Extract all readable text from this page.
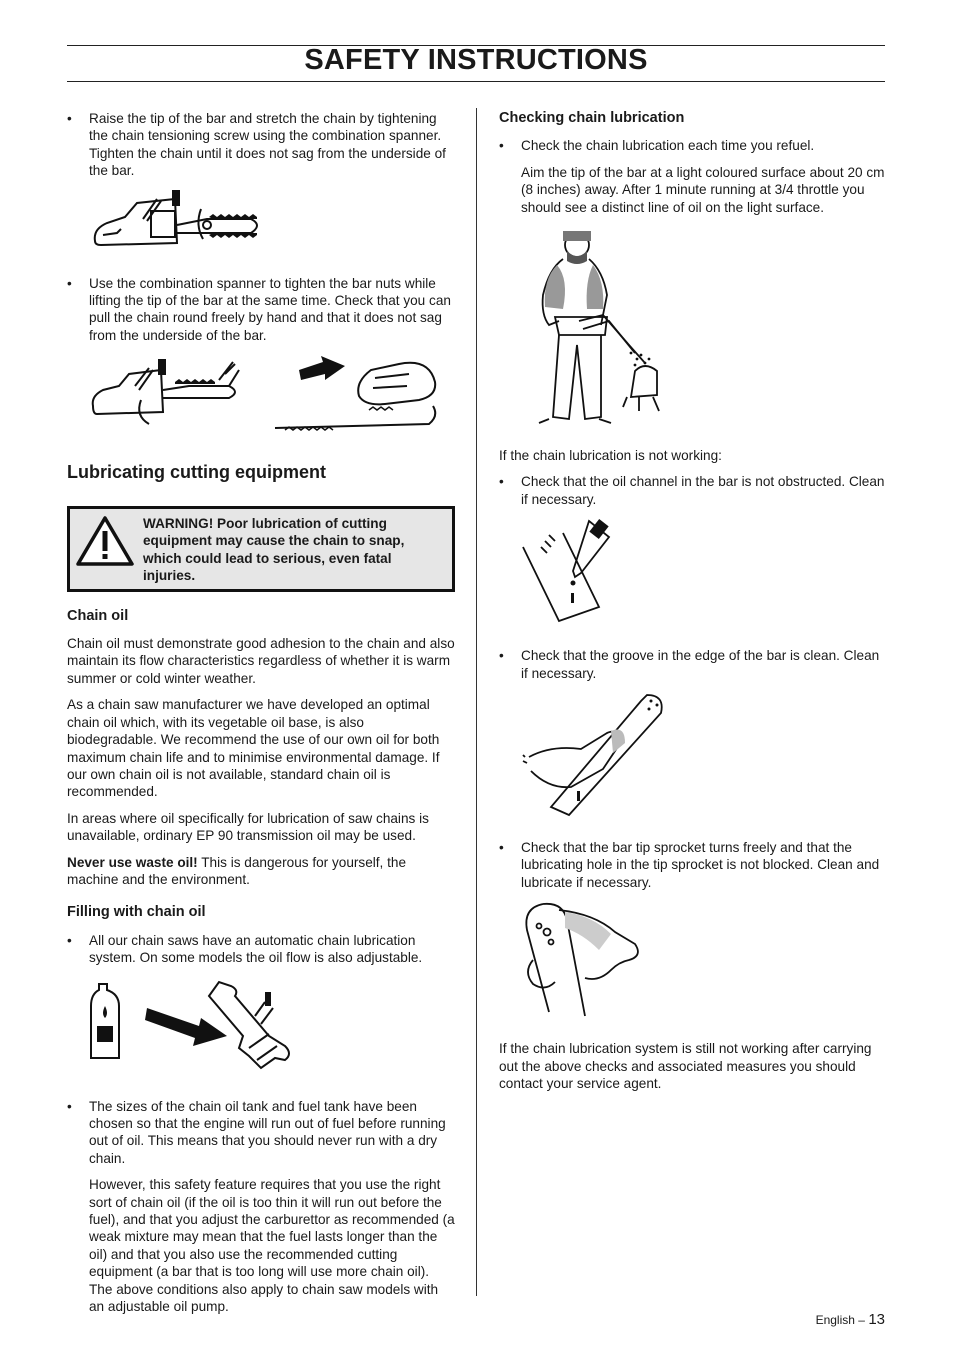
SAFETY INSTRUCTIONS
• Raise the tip of the bar and stretch the chain by tightening the chain tensioning screw using the combination spanner. Tighten the chain until it does not sag from the underside of the bar.
• Use the combination spanner to tighten the bar nuts while lifting the tip of the bar at the same time. Check that you can pull the chain round freely by hand and that it does not sag from the underside of the bar.
Lubricating cutting equipment
WARNING! Poor lubrication of cutting equipment may cause the chain to snap, which could lead to serious, even fatal injuries.
Chain oil

Chain oil must demonstrate good adhesion to the chain and also maintain its flow characteristics regardless of whether it is warm summer or cold winter weather.

As a chain saw manufacturer we have developed an optimal chain oil which, with its vegetable oil base, is also biodegradable. We recommend the use of our own oil for both maximum chain life and to minimise environmental damage. If our own chain oil is not available, standard chain oil is recommended.

In areas where oil specifically for lubrication of saw chains is unavailable, ordinary EP 90 transmission oil may be used.

Never use waste oil! This is dangerous for yourself, the machine and the environment.

Filling with chain oil
• All our chain saws have an automatic chain lubrication system. On some models the oil flow is also adjustable.
• The sizes of the chain oil tank and fuel tank have been chosen so that the engine will run out of fuel before running out of oil. This means that you should never run with a dry chain.

However, this safety feature requires that you use the right sort of chain oil (if the oil is too thin it will run out before the fuel), and that you adjust the carburettor as recommended (a weak mixture may mean that the fuel lasts longer than the oil) and that you also use the recommended cutting equipment (a bar that is too long will use more chain oil). The above conditions also apply to chain saw models with an adjustable oil pump.

Checking chain lubrication
• Check the chain lubrication each time you refuel.

Aim the tip of the bar at a light coloured surface about 20 cm (8 inches) away. After 1 minute running at 3/4 throttle you should see a distinct line of oil on the light surface.

If the chain lubrication is not working:

• Check that the oil channel in the bar is not obstructed. Clean if necessary.
• Check that the groove in the edge of the bar is clean. Clean if necessary.
• Check that the bar tip sprocket turns freely and that the lubricating hole in the tip sprocket is not blocked. Clean and lubricate if necessary.

If the chain lubrication system is still not working after carrying out the above checks and associated measures you should contact your service agent.

English – 13
